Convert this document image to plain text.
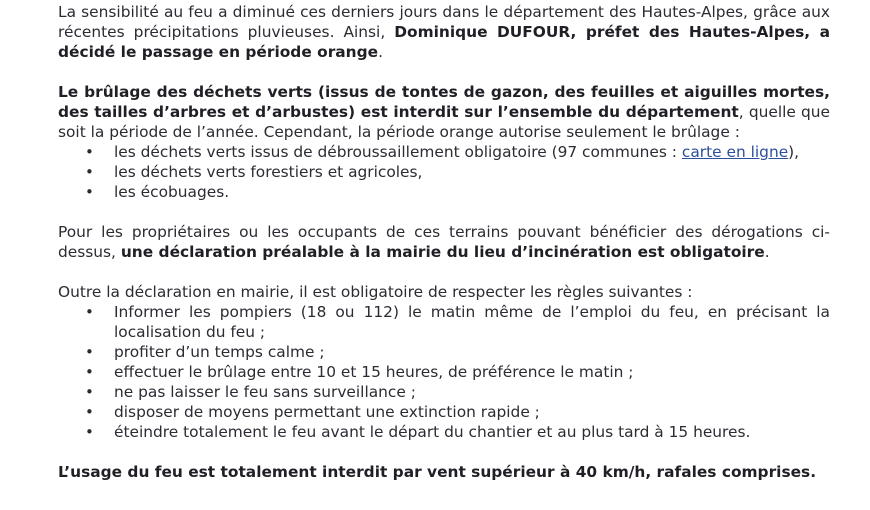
La sensibilité au feu a diminué ces derniers jours dans le département des Hautes-Alpes, grâce aux récentes précipitations pluvieuses. Ainsi, Dominique DUFOUR, préfet des Hautes-Alpes, a décidé le passage en période orange.

Le brûlage des déchets verts (issus de tontes de gazon, des feuilles et aiguilles mortes, des tailles d’arbres et d’arbustes) est interdit sur l’ensemble du département, quelle que soit la période de l’année. Cependant, la période orange autorise seulement le brûlage :

• les déchets verts issus de débroussaillement obligatoire (97 communes : carte en ligne),
• les déchets verts forestiers et agricoles,
• les écobuages.

Pour les propriétaires ou les occupants de ces terrains pouvant bénéficier des dérogations ci-dessus, une déclaration préalable à la mairie du lieu d’incinération est obligatoire.

Outre la déclaration en mairie, il est obligatoire de respecter les règles suivantes :

• Informer les pompiers (18 ou 112) le matin même de l’emploi du feu, en précisant la localisation du feu ;
• profiter d’un temps calme ;
• effectuer le brûlage entre 10 et 15 heures, de préférence le matin ;
• ne pas laisser le feu sans surveillance ;
• disposer de moyens permettant une extinction rapide ;
• éteindre totalement le feu avant le départ du chantier et au plus tard à 15 heures.

L’usage du feu est totalement interdit par vent supérieur à 40 km/h, rafales comprises.
